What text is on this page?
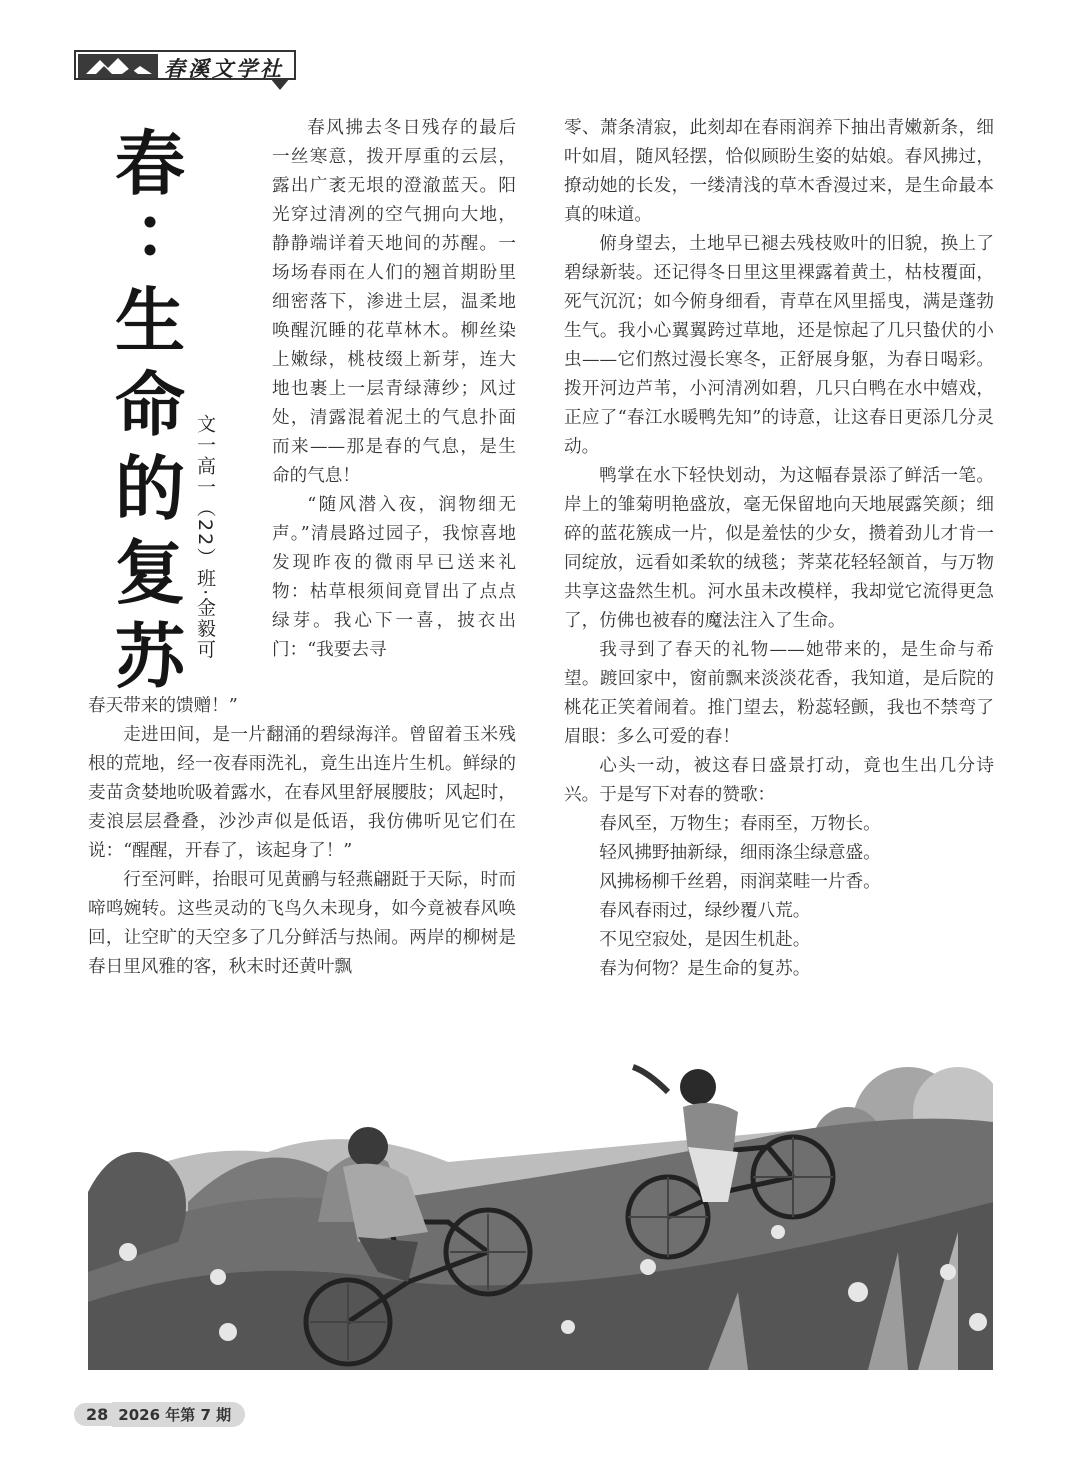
春溪文学社
春
生
命
的
复
苏 文一高一（22）班·金毅可

春风拂去冬日残存的最后一丝寒意，拨开厚重的云层，露出广袤无垠的澄澈蓝天。阳光穿过清冽的空气拥向大地，静静端详着天地间的苏醒。一场场春雨在人们的翘首期盼里细密落下，渗进土层，温柔地唤醒沉睡的花草林木。柳丝染上嫩绿，桃枝缀上新芽，连大地也裹上一层青绿薄纱；风过处，清露混着泥土的气息扑面而来——那是春的气息，是生命的气息！

“随风潜入夜，润物细无声。”清晨路过园子，我惊喜地发现昨夜的微雨早已送来礼物：枯草根须间竟冒出了点点绿芽。我心下一喜，披衣出门：“我要去寻

春天带来的馈赠！”

走进田间，是一片翻涌的碧绿海洋。曾留着玉米残根的荒地，经一夜春雨洗礼，竟生出连片生机。鲜绿的麦苗贪婪地吮吸着露水，在春风里舒展腰肢；风起时，麦浪层层叠叠，沙沙声似是低语，我仿佛听见它们在说：“醒醒，开春了，该起身了！”

行至河畔，抬眼可见黄鹂与轻燕翩跹于天际，时而啼鸣婉转。这些灵动的飞鸟久未现身，如今竟被春风唤回，让空旷的天空多了几分鲜活与热闹。两岸的柳树是春日里风雅的客，秋末时还黄叶飘

零、萧条清寂，此刻却在春雨润养下抽出青嫩新条，细叶如眉，随风轻摆，恰似顾盼生姿的姑娘。春风拂过，撩动她的长发，一缕清浅的草木香漫过来，是生命最本真的味道。

俯身望去，土地早已褪去残枝败叶的旧貌，换上了碧绿新装。还记得冬日里这里裸露着黄土，枯枝覆面，死气沉沉；如今俯身细看，青草在风里摇曳，满是蓬勃生气。我小心翼翼跨过草地，还是惊起了几只蛰伏的小虫——它们熬过漫长寒冬，正舒展身躯，为春日喝彩。拨开河边芦苇，小河清冽如碧，几只白鸭在水中嬉戏，正应了“春江水暖鸭先知”的诗意，让这春日更添几分灵动。

鸭掌在水下轻快划动，为这幅春景添了鲜活一笔。岸上的雏菊明艳盛放，毫无保留地向天地展露笑颜；细碎的蓝花簇成一片，似是羞怯的少女，攒着劲儿才肯一同绽放，远看如柔软的绒毯；荠菜花轻轻颔首，与万物共享这盎然生机。河水虽未改模样，我却觉它流得更急了，仿佛也被春的魔法注入了生命。

我寻到了春天的礼物——她带来的，是生命与希望。踱回家中，窗前飘来淡淡花香，我知道，是后院的桃花正笑着闹着。推门望去，粉蕊轻颤，我也不禁弯了眉眼：多么可爱的春！

心头一动，被这春日盛景打动，竟也生出几分诗兴。于是写下对春的赞歌：

春风至，万物生；春雨至，万物长。

轻风拂野抽新绿，细雨涤尘绿意盛。

风拂杨柳千丝碧，雨润菜畦一片香。

春风春雨过，绿纱覆八荒。

不见空寂处，是因生机赴。

春为何物？是生命的复苏。

28 2026 年第 7 期
